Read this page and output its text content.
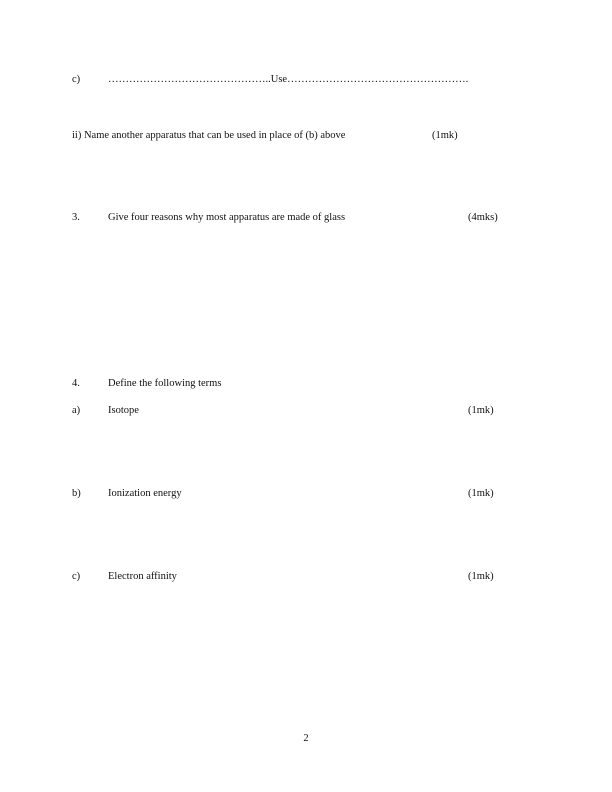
c)	………………………………………..Use…………………………………………….
ii) Name another apparatus that can be used in place of (b) above	(1mk)
3.	Give four reasons why most apparatus are made of glass	(4mks)
4.	Define the following terms
a)	Isotope	(1mk)
b)	Ionization energy	(1mk)
c)	Electron affinity	(1mk)
2
